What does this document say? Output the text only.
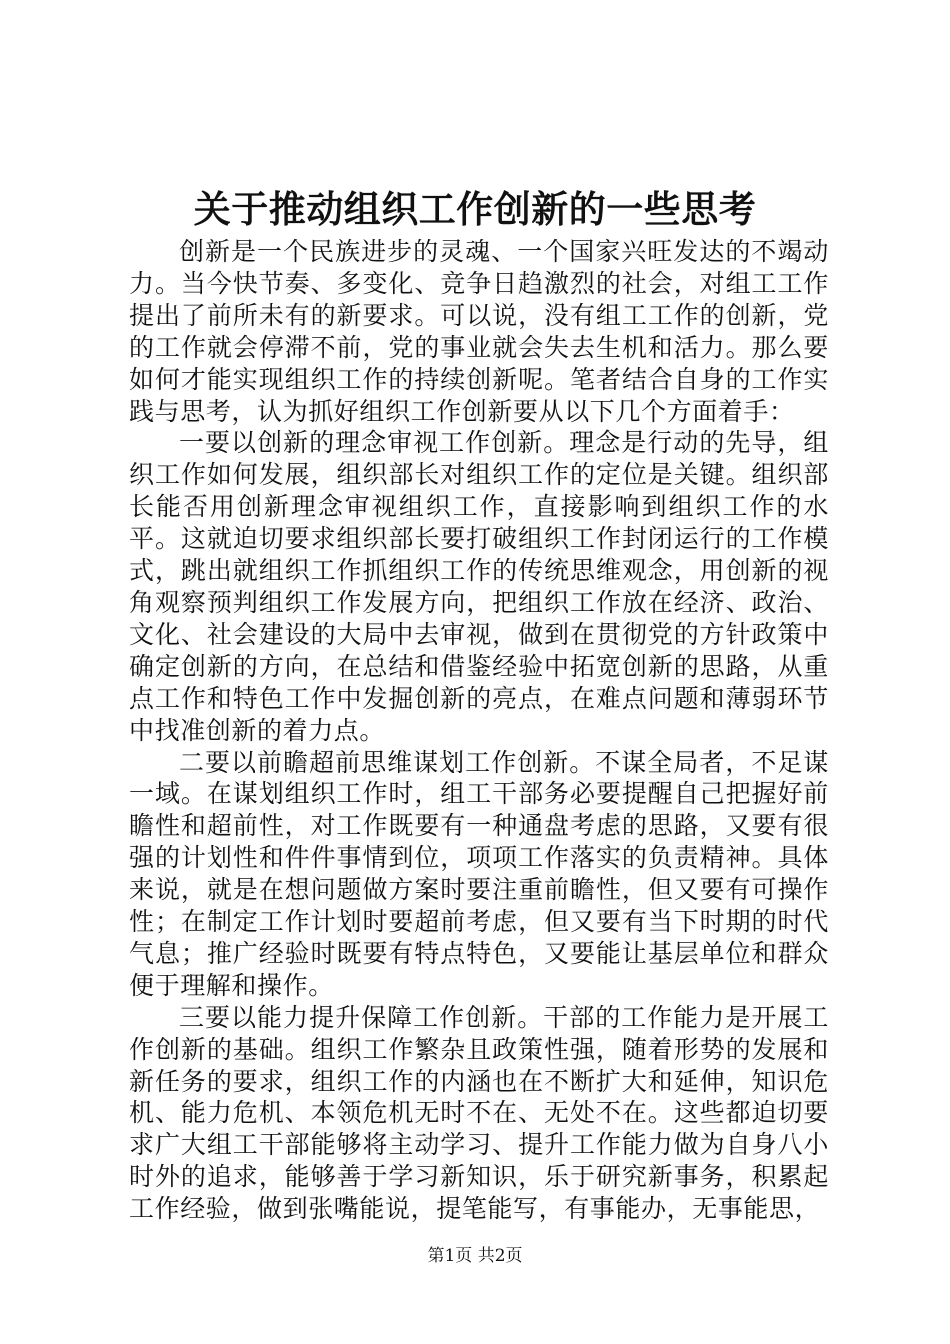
关于推动组织工作创新的一些思考

创新是一个民族进步的灵魂、一个国家兴旺发达的不竭动力。当今快节奏、多变化、竞争日趋激烈的社会，对组工工作提出了前所未有的新要求。可以说，没有组工工作的创新，党的工作就会停滞不前，党的事业就会失去生机和活力。那么要如何才能实现组织工作的持续创新呢。笔者结合自身的工作实践与思考，认为抓好组织工作创新要从以下几个方面着手：

一要以创新的理念审视工作创新。理念是行动的先导，组织工作如何发展，组织部长对组织工作的定位是关键。组织部长能否用创新理念审视组织工作，直接影响到组织工作的水平。这就迫切要求组织部长要打破组织工作封闭运行的工作模式，跳出就组织工作抓组织工作的传统思维观念，用创新的视角观察预判组织工作发展方向，把组织工作放在经济、政治、文化、社会建设的大局中去审视，做到在贯彻党的方针政策中确定创新的方向，在总结和借鉴经验中拓宽创新的思路，从重点工作和特色工作中发掘创新的亮点，在难点问题和薄弱环节中找准创新的着力点。

二要以前瞻超前思维谋划工作创新。不谋全局者，不足谋一域。在谋划组织工作时，组工干部务必要提醒自己把握好前瞻性和超前性，对工作既要有一种通盘考虑的思路，又要有很强的计划性和件件事情到位，项项工作落实的负责精神。具体来说，就是在想问题做方案时要注重前瞻性，但又要有可操作性；在制定工作计划时要超前考虑，但又要有当下时期的时代气息；推广经验时既要有特点特色，又要能让基层单位和群众便于理解和操作。

三要以能力提升保障工作创新。干部的工作能力是开展工作创新的基础。组织工作繁杂且政策性强，随着形势的发展和新任务的要求，组织工作的内涵也在不断扩大和延伸，知识危机、能力危机、本领危机无时不在、无处不在。这些都迫切要求广大组工干部能够将主动学习、提升工作能力做为自身八小时外的追求，能够善于学习新知识，乐于研究新事务，积累起工作经验，做到张嘴能说，提笔能写，有事能办，无事能思，

第1页 共2页
